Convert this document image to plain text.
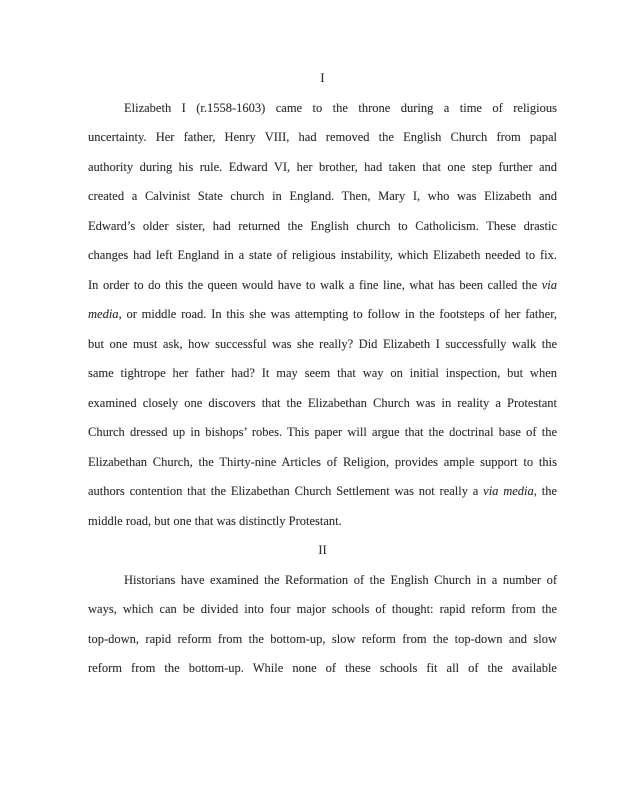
I
Elizabeth I (r.1558-1603) came to the throne during a time of religious
uncertainty. Her father, Henry VIII, had removed the English Church from papal
authority during his rule. Edward VI, her brother, had taken that one step further and
created a Calvinist State church in England. Then, Mary I, who was Elizabeth and
Edward’s older sister, had returned the English church to Catholicism. These drastic
changes had left England in a state of religious instability, which Elizabeth needed to fix.
In order to do this the queen would have to walk a fine line, what has been called the via
media, or middle road. In this she was attempting to follow in the footsteps of her father,
but one must ask, how successful was she really? Did Elizabeth I successfully walk the
same tightrope her father had? It may seem that way on initial inspection, but when
examined closely one discovers that the Elizabethan Church was in reality a Protestant
Church dressed up in bishops’ robes. This paper will argue that the doctrinal base of the
Elizabethan Church, the Thirty-nine Articles of Religion, provides ample support to this
authors contention that the Elizabethan Church Settlement was not really a via media, the
middle road, but one that was distinctly Protestant.
II
Historians have examined the Reformation of the English Church in a number of
ways, which can be divided into four major schools of thought: rapid reform from the
top-down, rapid reform from the bottom-up, slow reform from the top-down and slow
reform from the bottom-up. While none of these schools fit all of the available
